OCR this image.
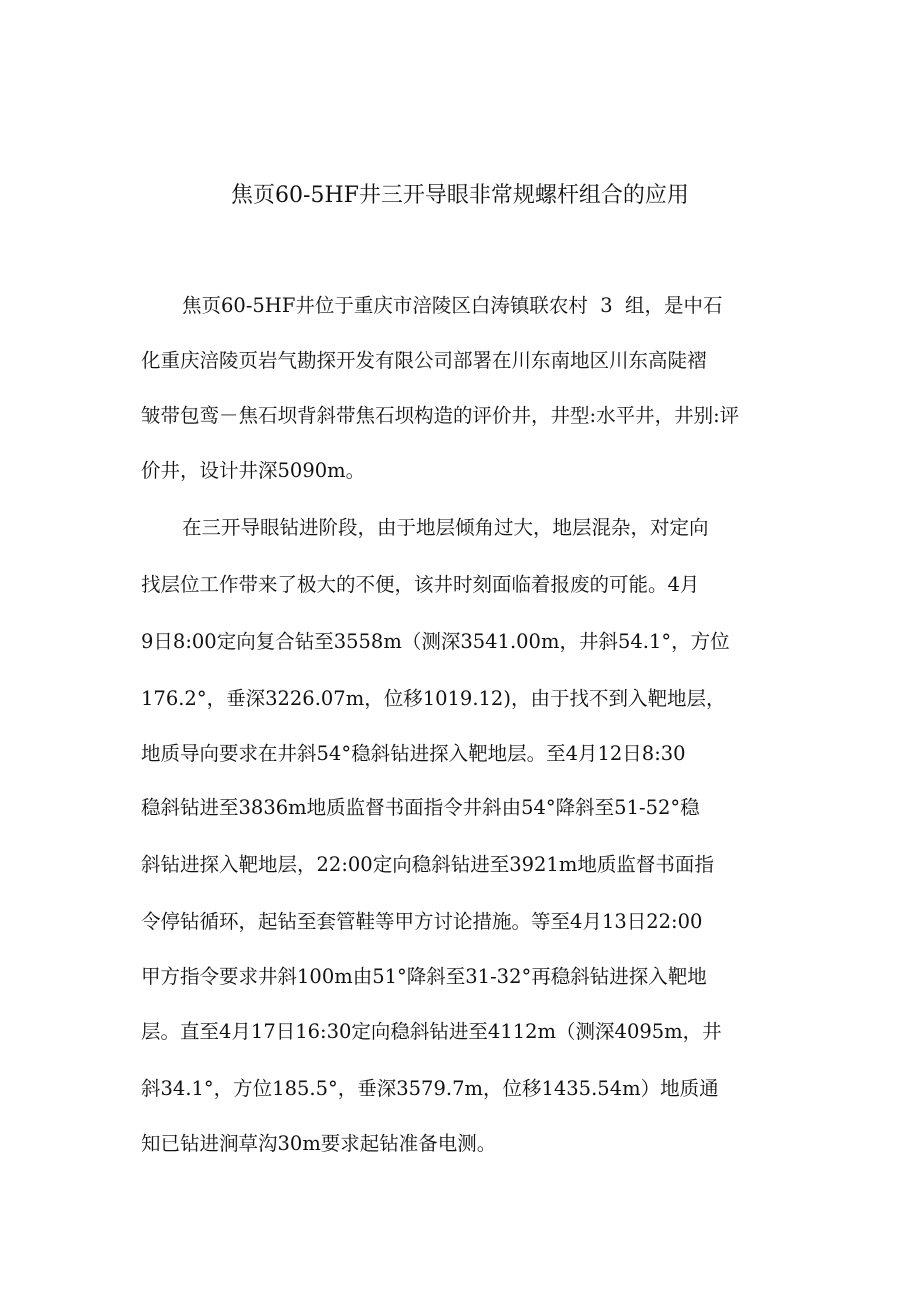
焦页60-5HF井三开导眼非常规螺杆组合的应用
焦页60-5HF井位于重庆市涪陵区白涛镇联农村  3  组，是中石
化重庆涪陵页岩气勘探开发有限公司部署在川东南地区川东高陡褶
皱带包鸾－焦石坝背斜带焦石坝构造的评价井，井型:水平井，井别:评
价井，设计井深5090m。
在三开导眼钻进阶段，由于地层倾角过大，地层混杂，对定向
找层位工作带来了极大的不便，该井时刻面临着报废的可能。4月
9日8:00定向复合钻至3558m（测深3541.00m，井斜54.1°，方位
176.2°，垂深3226.07m，位移1019.12)，由于找不到入靶地层，
地质导向要求在井斜54°稳斜钻进探入靶地层。至4月12日8:30
稳斜钻进至3836m地质监督书面指令井斜由54°降斜至51-52°稳
斜钻进探入靶地层，22:00定向稳斜钻进至3921m地质监督书面指
令停钻循环，起钻至套管鞋等甲方讨论措施。等至4月13日22:00
甲方指令要求井斜100m由51°降斜至31-32°再稳斜钻进探入靶地
层。直至4月17日16:30定向稳斜钻进至4112m（测深4095m，井
斜34.1°，方位185.5°，垂深3579.7m，位移1435.54m）地质通
知已钻进涧草沟30m要求起钻准备电测。
